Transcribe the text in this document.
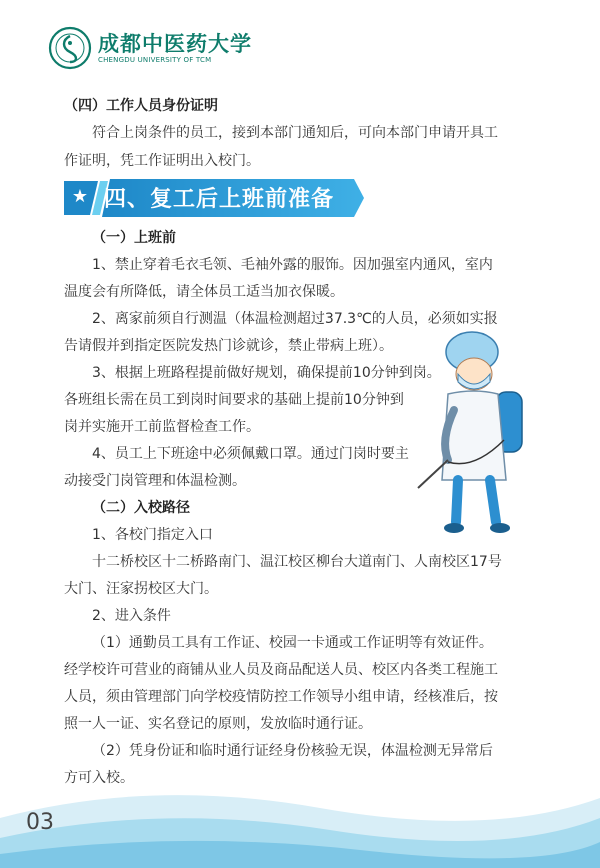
成都中医药大学
CHENGDU UNIVERSITY OF TCM

（四）工作人员身份证明

符合上岗条件的员工，接到本部门通知后，可向本部门申请开具工

作证明，凭工作证明出入校门。

★ 四、复工后上班前准备

（一）上班前

1、禁止穿着毛衣毛领、毛袖外露的服饰。因加强室内通风，室内

温度会有所降低，请全体员工适当加衣保暖。

2、离家前须自行测温（体温检测超过37.3℃的人员，必须如实报

告请假并到指定医院发热门诊就诊，禁止带病上班）。

3、根据上班路程提前做好规划，确保提前10分钟到岗。

各班组长需在员工到岗时间要求的基础上提前10分钟到

岗并实施开工前监督检查工作。

4、员工上下班途中必须佩戴口罩。通过门岗时要主

动接受门岗管理和体温检测。

（二）入校路径

1、各校门指定入口

十二桥校区十二桥路南门、温江校区柳台大道南门、人南校区17号

大门、汪家拐校区大门。

2、进入条件

（1）通勤员工具有工作证、校园一卡通或工作证明等有效证件。

经学校许可营业的商铺从业人员及商品配送人员、校区内各类工程施工

人员，须由管理部门向学校疫情防控工作领导小组申请，经核准后，按

照一人一证、实名登记的原则，发放临时通行证。

（2）凭身份证和临时通行证经身份核验无误，体温检测无异常后

方可入校。

03
